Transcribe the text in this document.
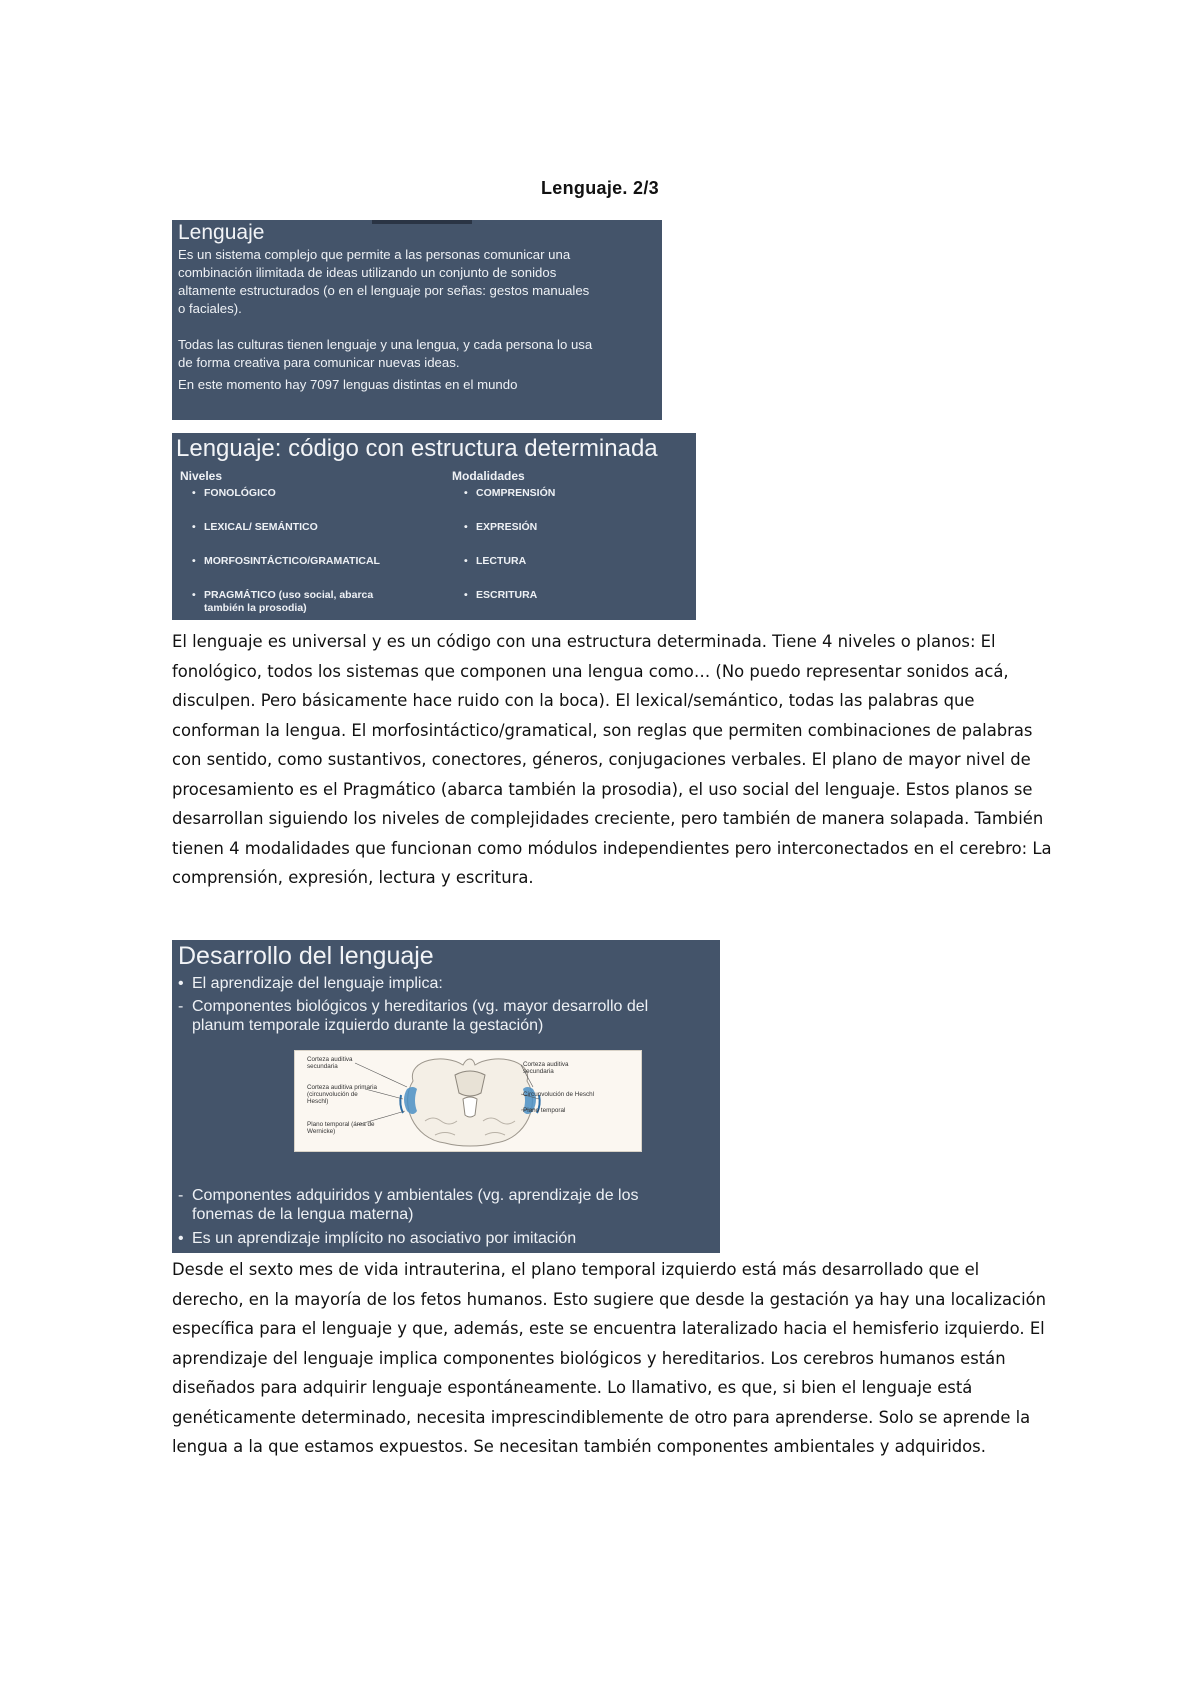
Lenguaje. 2/3
Lenguaje

Es un sistema complejo que permite a las personas comunicar una

combinación ilimitada de ideas utilizando un conjunto de sonidos

altamente estructurados (o en el lenguaje por señas: gestos manuales

o faciales).

Todas las culturas tienen lenguaje y una lengua, y cada persona lo usa

de forma creativa para comunicar nuevas ideas.

En este momento hay 7097 lenguas distintas en el mundo

Lenguaje: código con estructura determinada
Niveles
• FONOLÓGICO
• LEXICAL/ SEMÁNTICO
• MORFOSINTÁCTICO/GRAMATICAL
• PRAGMÁTICO (uso social, abarca también la prosodia)
Modalidades
• COMPRENSIÓN
• EXPRESIÓN
• LECTURA
• ESCRITURA

El lenguaje es universal y es un código con una estructura determinada. Tiene 4 niveles o planos: El fonológico, todos los sistemas que componen una lengua como… (No puedo representar sonidos acá, disculpen. Pero básicamente hace ruido con la boca). El lexical/semántico, todas las palabras que conforman la lengua. El morfosintáctico/gramatical, son reglas que permiten combinaciones de palabras con sentido, como sustantivos, conectores, géneros, conjugaciones verbales. El plano de mayor nivel de procesamiento es el Pragmático (abarca también la prosodia), el uso social del lenguaje. Estos planos se desarrollan siguiendo los niveles de complejidades creciente, pero también de manera solapada. También tienen 4 modalidades que funcionan como módulos independientes pero interconectados en el cerebro: La comprensión, expresión, lectura y escritura.

Desarrollo del lenguaje
• El aprendizaje del lenguaje implica:
- Componentes biológicos y hereditarios (vg. mayor desarrollo del
planum temporale izquierdo durante la gestación)
Corteza auditiva secundaria
Corteza auditiva primaria (circunvolución de Heschl)
Plano temporal (área de Wernicke)
Corteza auditiva secundaria
Circunvolución de Heschl
Plano temporal
- Componentes adquiridos y ambientales (vg. aprendizaje de los
fonemas de la lengua materna)
• Es un aprendizaje implícito no asociativo por imitación

Desde el sexto mes de vida intrauterina, el plano temporal izquierdo está más desarrollado que el derecho, en la mayoría de los fetos humanos. Esto sugiere que desde la gestación ya hay una localización específica para el lenguaje y que, además, este se encuentra lateralizado hacia el hemisferio izquierdo. El aprendizaje del lenguaje implica componentes biológicos y hereditarios. Los cerebros humanos están diseñados para adquirir lenguaje espontáneamente. Lo llamativo, es que, si bien el lenguaje está genéticamente determinado, necesita imprescindiblemente de otro para aprenderse. Solo se aprende la lengua a la que estamos expuestos. Se necesitan también componentes ambientales y adquiridos.
